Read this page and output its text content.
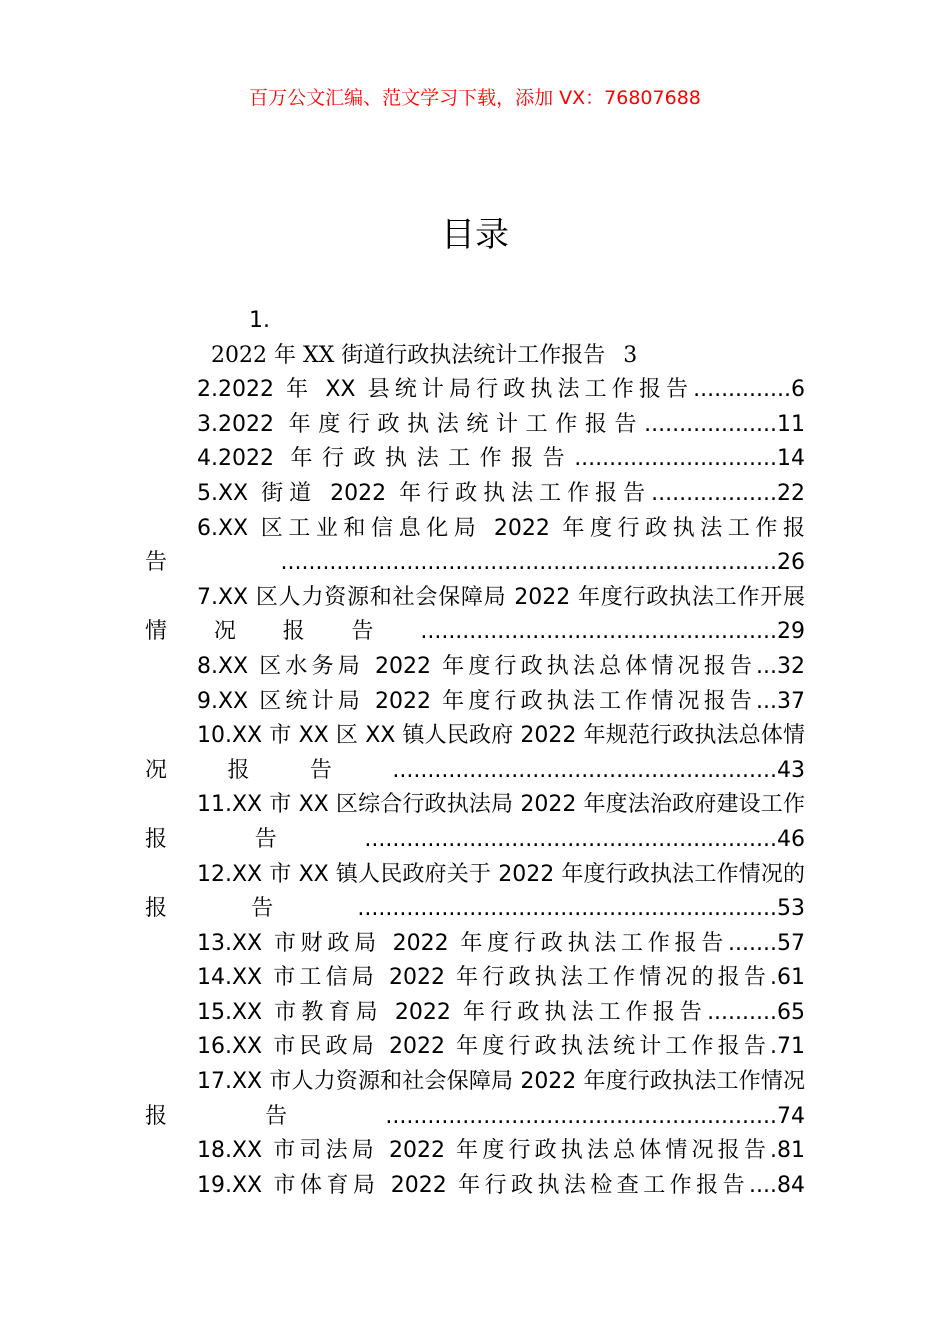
百万公文汇编、范文学习下载，添加 VX：76807688
目录
1.
2022 年 XX 街道行政执法统计工作报告 3
2.2022 年 XX 县统计局行政执法工作报告..............6
3.2022 年度行政执法统计工作报告...................11
4.2022 年行政执法工作报告.............................14
5.XX 街道 2022 年行政执法工作报告..................22
6.XX 区工业和信息化局 2022 年度行政执法工作报告.......................................................................26
7.XX 区人力资源和社会保障局 2022 年度行政执法工作开展情况报告...................................................29
8.XX 区水务局 2022 年度行政执法总体情况报告...32
9.XX 区统计局 2022 年度行政执法工作情况报告...37
10.XX 市 XX 区 XX 镇人民政府 2022 年规范行政执法总体情况报告.......................................................43
11.XX 市 XX 区综合行政执法局 2022 年度法治政府建设工作报告...........................................................46
12.XX 市 XX 镇人民政府关于 2022 年度行政执法工作情况的报告............................................................53
13.XX 市财政局 2022 年度行政执法工作报告.......57
14.XX 市工信局 2022 年行政执法工作情况的报告.61
15.XX 市教育局 2022 年行政执法工作报告..........65
16.XX 市民政局 2022 年度行政执法统计工作报告.71
17.XX 市人力资源和社会保障局 2022 年度行政执法工作情况报告........................................................74
18.XX 市司法局 2022 年度行政执法总体情况报告.81
19.XX 市体育局 2022 年行政执法检查工作报告....84
